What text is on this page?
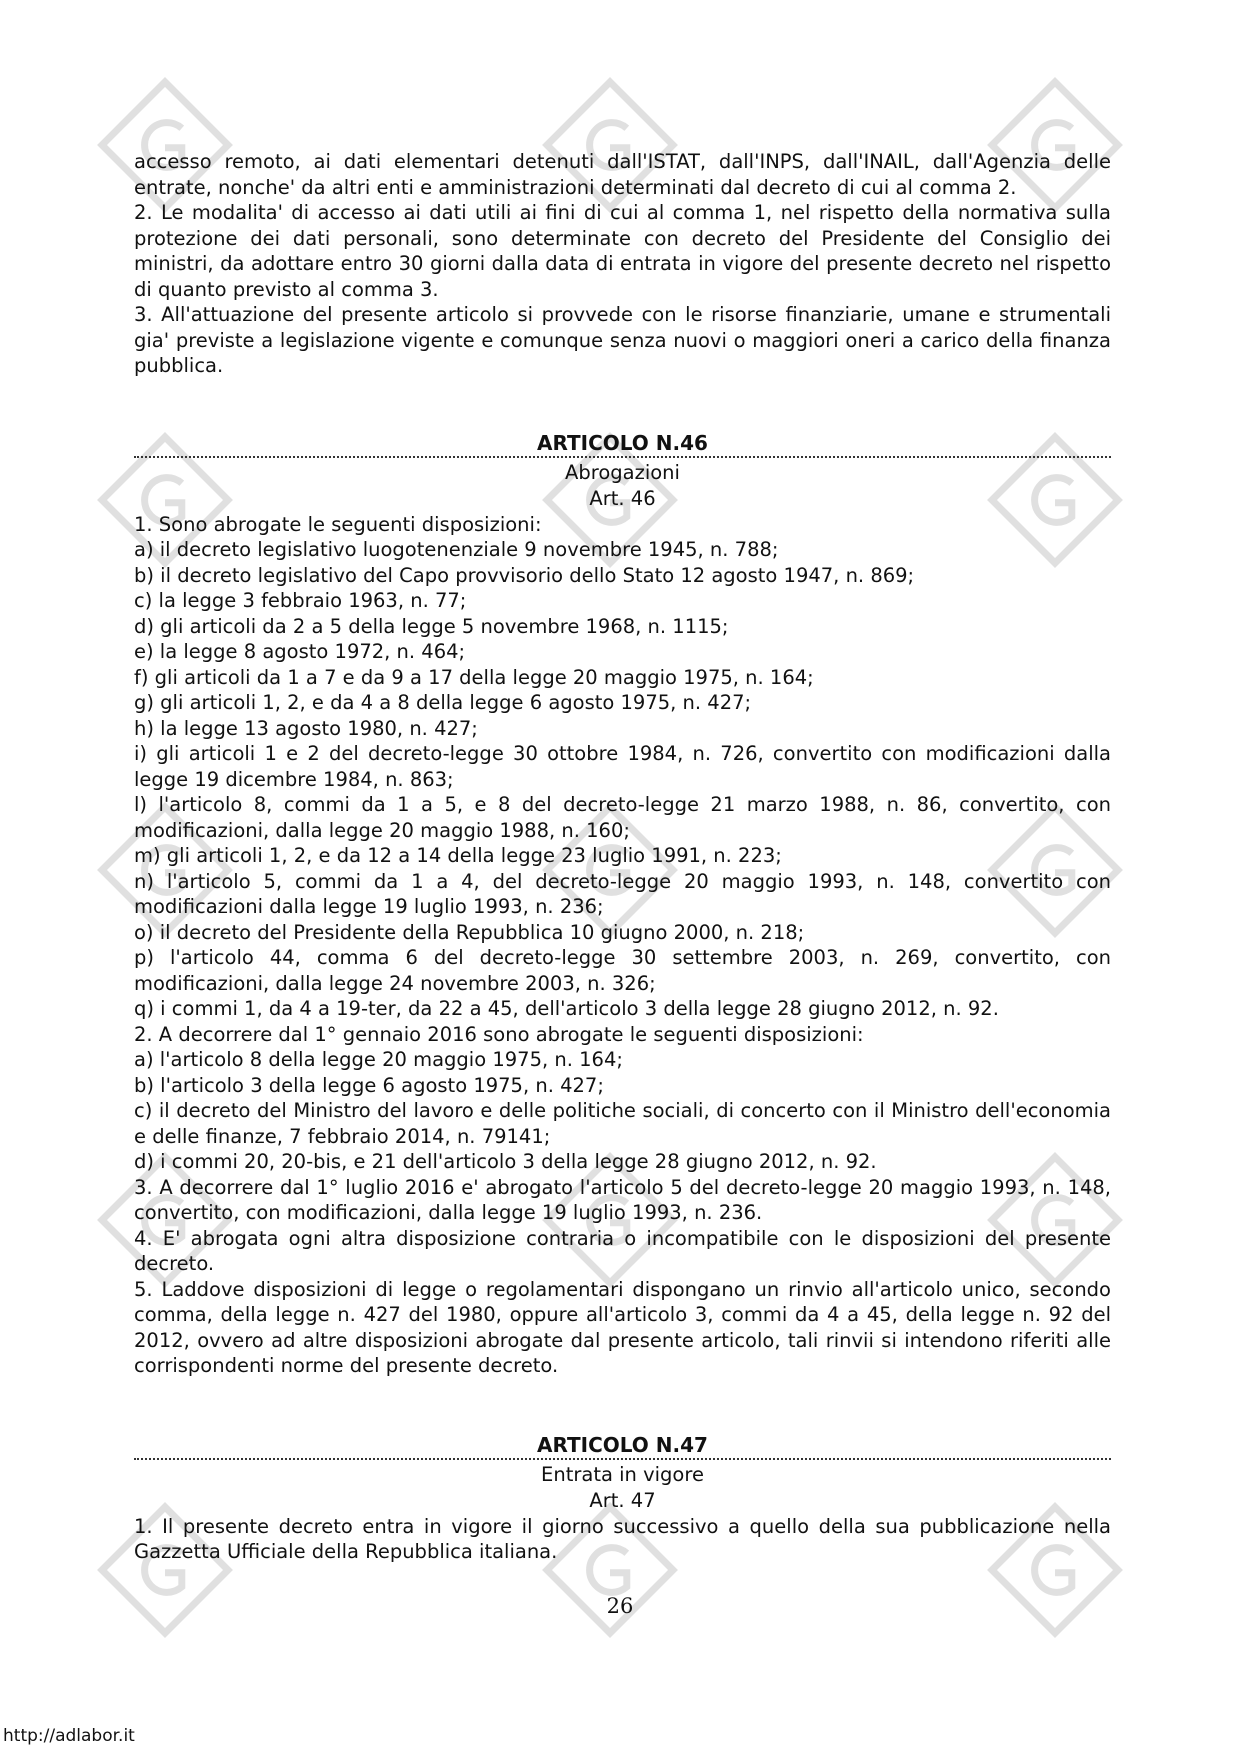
accesso remoto, ai dati elementari detenuti dall'ISTAT, dall'INPS, dall'INAIL, dall'Agenzia delle entrate, nonche' da altri enti e amministrazioni determinati dal decreto di cui al comma 2.

2. Le modalita' di accesso ai dati utili ai fini di cui al comma 1, nel rispetto della normativa sulla protezione dei dati personali, sono determinate con decreto del Presidente del Consiglio dei ministri, da adottare entro 30 giorni dalla data di entrata in vigore del presente decreto nel rispetto di quanto previsto al comma 3.

3. All'attuazione del presente articolo si provvede con le risorse finanziarie, umane e strumentali gia' previste a legislazione vigente e comunque senza nuovi o maggiori oneri a carico della finanza pubblica.

ARTICOLO N.46
Abrogazioni
Art. 46

1. Sono abrogate le seguenti disposizioni:

a) il decreto legislativo luogotenenziale 9 novembre 1945, n. 788;

b) il decreto legislativo del Capo provvisorio dello Stato 12 agosto 1947, n. 869;

c) la legge 3 febbraio 1963, n. 77;

d) gli articoli da 2 a 5 della legge 5 novembre 1968, n. 1115;

e) la legge 8 agosto 1972, n. 464;

f) gli articoli da 1 a 7 e da 9 a 17 della legge 20 maggio 1975, n. 164;

g) gli articoli 1, 2, e da 4 a 8 della legge 6 agosto 1975, n. 427;

h) la legge 13 agosto 1980, n. 427;

i) gli articoli 1 e 2 del decreto-legge 30 ottobre 1984, n. 726, convertito con modificazioni dalla legge 19 dicembre 1984, n. 863;

l) l'articolo 8, commi da 1 a 5, e 8 del decreto-legge 21 marzo 1988, n. 86, convertito, con modificazioni, dalla legge 20 maggio 1988, n. 160;

m) gli articoli 1, 2, e da 12 a 14 della legge 23 luglio 1991, n. 223;

n) l'articolo 5, commi da 1 a 4, del decreto-legge 20 maggio 1993, n. 148, convertito con modificazioni dalla legge 19 luglio 1993, n. 236;

o) il decreto del Presidente della Repubblica 10 giugno 2000, n. 218;

p) l'articolo 44, comma 6 del decreto-legge 30 settembre 2003, n. 269, convertito, con modificazioni, dalla legge 24 novembre 2003, n. 326;

q) i commi 1, da 4 a 19-ter, da 22 a 45, dell'articolo 3 della legge 28 giugno 2012, n. 92.

2. A decorrere dal 1° gennaio 2016 sono abrogate le seguenti disposizioni:

a) l'articolo 8 della legge 20 maggio 1975, n. 164;

b) l'articolo 3 della legge 6 agosto 1975, n. 427;

c) il decreto del Ministro del lavoro e delle politiche sociali, di concerto con il Ministro dell'economia e delle finanze, 7 febbraio 2014, n. 79141;

d) i commi 20, 20-bis, e 21 dell'articolo 3 della legge 28 giugno 2012, n. 92.

3. A decorrere dal 1° luglio 2016 e' abrogato l'articolo 5 del decreto-legge 20 maggio 1993, n. 148, convertito, con modificazioni, dalla legge 19 luglio 1993, n. 236.

4. E' abrogata ogni altra disposizione contraria o incompatibile con le disposizioni del presente decreto.

5. Laddove disposizioni di legge o regolamentari dispongano un rinvio all'articolo unico, secondo comma, della legge n. 427 del 1980, oppure all'articolo 3, commi da 4 a 45, della legge n. 92 del 2012, ovvero ad altre disposizioni abrogate dal presente articolo, tali rinvii si intendono riferiti alle corrispondenti norme del presente decreto.

ARTICOLO N.47
Entrata in vigore
Art. 47

1. Il presente decreto entra in vigore il giorno successivo a quello della sua pubblicazione nella Gazzetta Ufficiale della Repubblica italiana.

26
http://adlabor.it
